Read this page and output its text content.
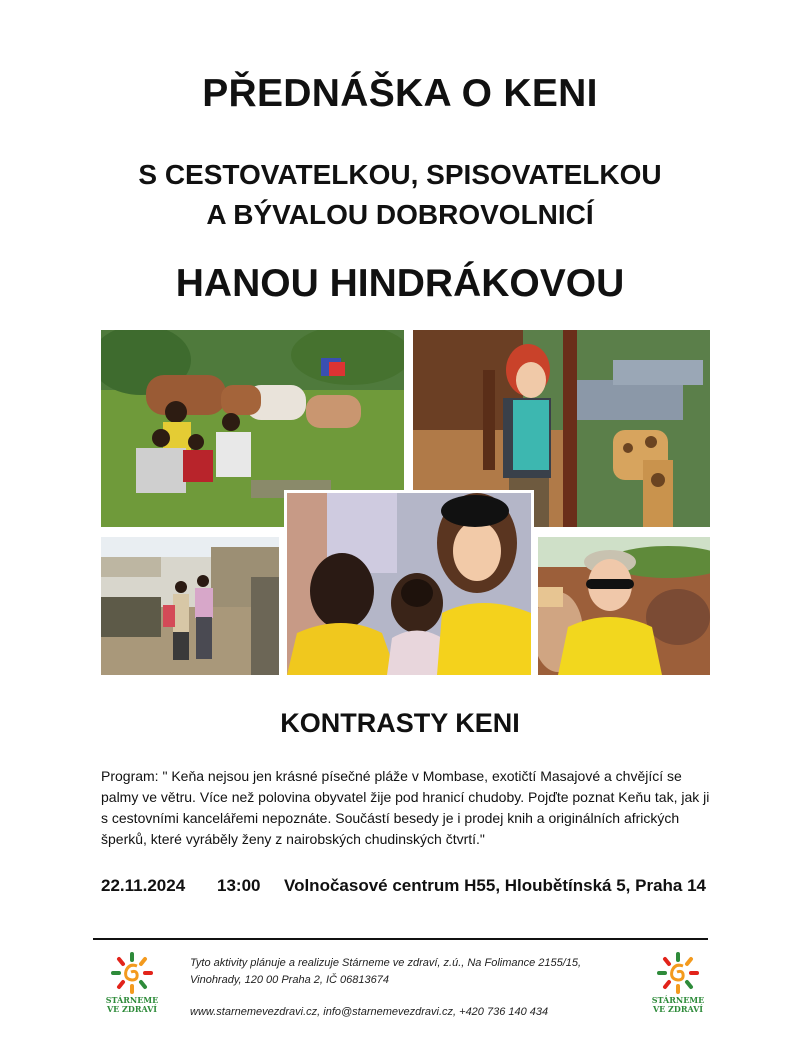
PŘEDNÁŠKA O KENI
S CESTOVATELKOU, SPISOVATELKOU
A BÝVALOU DOBROVOLNICÍ
HANOU HINDRÁKOVOU
KONTRASTY KENI
Program: " Keňa nejsou jen krásné písečné pláže v Mombase, exotičtí Masajové a chvějící se palmy ve větru. Více než polovina obyvatel žije pod hranicí chudoby. Pojďte poznat Keňu tak, jak ji s cestovními kancelářemi nepoznáte. Součástí besedy je i prodej knih a originálních afrických šperků, které vyráběly ženy z nairobských chudinských čtvrtí."
22.11.2024 13:00 Volnočasové centrum H55, Hloubětínská 5, Praha 14
STÁRNEME
VE ZDRAVÍ
Tyto aktivity plánuje a realizuje Stárneme ve zdraví, z.ú., Na Folimance 2155/15, Vinohrady, 120 00 Praha 2, IČ 06813674
www.starnemevezdravi.cz, info@starnemevezdravi.cz, +420 736 140 434
STÁRNEME
VE ZDRAVÍ
